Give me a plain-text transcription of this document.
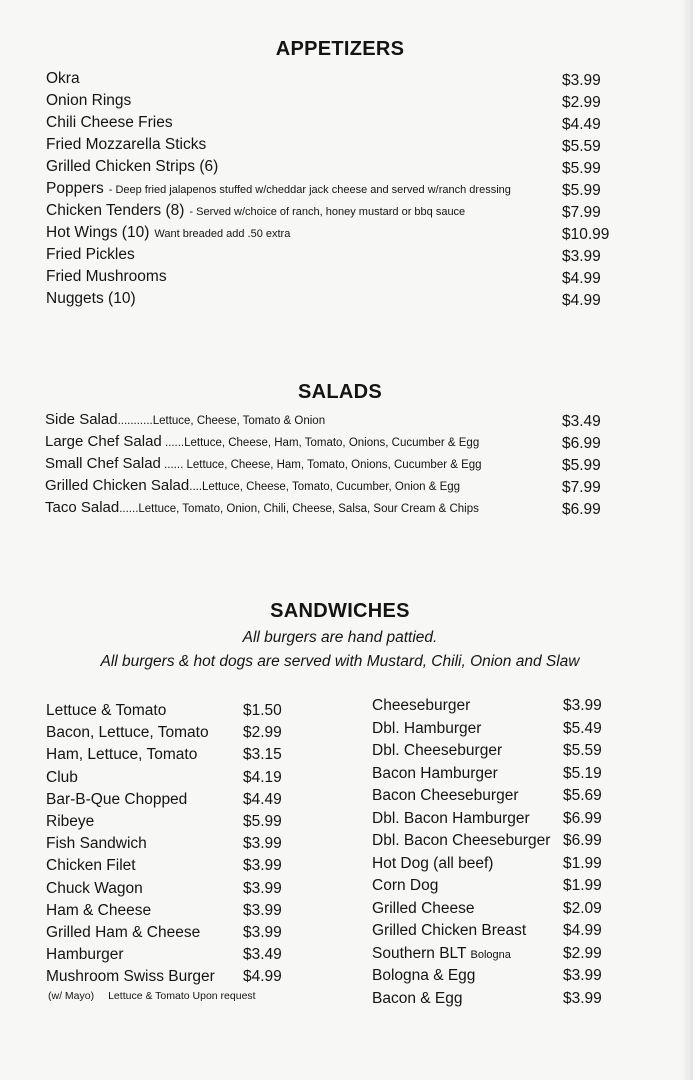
APPETIZERS
Okra	$3.99
Onion Rings	$2.99
Chili Cheese Fries	$4.49
Fried Mozzarella Sticks	$5.59
Grilled Chicken Strips (6)	$5.99
Poppers - Deep fried jalapenos stuffed w/cheddar jack cheese and served w/ranch dressing	$5.99
Chicken Tenders (8) - Served w/choice of ranch, honey mustard or bbq sauce	$7.99
Hot Wings (10) Want breaded add .50 extra	$10.99
Fried Pickles	$3.99
Fried Mushrooms	$4.99
Nuggets (10)	$4.99
SALADS
Side Salad...........Lettuce, Cheese, Tomato & Onion	$3.49
Large Chef Salad ......Lettuce, Cheese, Ham, Tomato, Onions, Cucumber & Egg	$6.99
Small Chef Salad ...... Lettuce, Cheese, Ham, Tomato, Onions, Cucumber & Egg	$5.99
Grilled Chicken Salad....Lettuce, Cheese, Tomato, Cucumber, Onion & Egg	$7.99
Taco Salad......Lettuce, Tomato, Onion, Chili, Cheese, Salsa, Sour Cream & Chips	$6.99
SANDWICHES
All burgers are hand pattied.
All burgers & hot dogs are served with Mustard, Chili, Onion and Slaw
Lettuce & Tomato	$1.50
Bacon, Lettuce, Tomato $2.99
Ham, Lettuce, Tomato	$3.15
Club	$4.19
Bar-B-Que Chopped	$4.49
Ribeye	$5.99
Fish Sandwich	$3.99
Chicken Filet	$3.99
Chuck Wagon	$3.99
Ham & Cheese	$3.99
Grilled Ham & Cheese	$3.99
Hamburger	$3.49
Mushroom Swiss Burger $4.99
Cheeseburger	$3.99
Dbl. Hamburger	$5.49
Dbl. Cheeseburger	$5.59
Bacon Hamburger	$5.19
Bacon Cheeseburger	$5.69
Dbl. Bacon Hamburger $6.99
Dbl. Bacon Cheeseburger $6.99
Hot Dog (all beef)	$1.99
Corn Dog	$1.99
Grilled Cheese	$2.09
Grilled Chicken Breast $4.99
Southern BLT Bologna	$2.99
Bologna & Egg	$3.99
Bacon & Egg	$3.99
(w/ Mayo) Lettuce & Tomato Upon request
